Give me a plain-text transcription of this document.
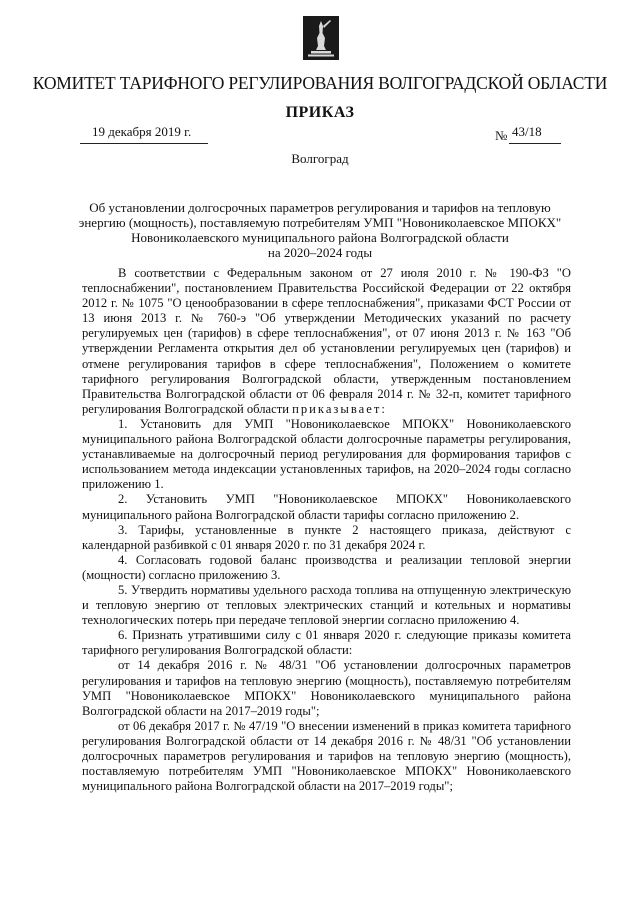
КОМИТЕТ ТАРИФНОГО РЕГУЛИРОВАНИЯ ВОЛГОГРАДСКОЙ ОБЛАСТИ
ПРИКАЗ
19 декабря 2019 г.	№ 43/18
Волгоград
Об установлении долгосрочных параметров регулирования и тарифов на тепловую
энергию (мощность), поставляемую потребителям УМП "Новониколаевское МПОКХ"
Новониколаевского муниципального района Волгоградской области
на 2020–2024 годы

В соответствии с Федеральным законом от 27 июля 2010 г. № 190-ФЗ "О теплоснабжении", постановлением Правительства Российской Федерации от 22 октября 2012 г. № 1075 "О ценообразовании в сфере теплоснабжения", приказами ФСТ России от 13 июня 2013 г. № 760-э "Об утверждении Методических указаний по расчету регулируемых цен (тарифов) в сфере теплоснабжения", от 07 июня 2013 г. № 163 "Об утверждении Регламента открытия дел об установлении регулируемых цен (тарифов) и отмене регулирования тарифов в сфере теплоснабжения", Положением о комитете тарифного регулирования Волгоградской области, утвержденным постановлением Правительства Волгоградской области от 06 февраля 2014 г. № 32-п, комитет тарифного регулирования Волгоградской области приказывает:

1. Установить для УМП "Новониколаевское МПОКХ" Новониколаевского муниципального района Волгоградской области долгосрочные параметры регулирования, устанавливаемые на долгосрочный период регулирования для формирования тарифов с использованием метода индексации установленных тарифов, на 2020–2024 годы согласно приложению 1.

2. Установить УМП "Новониколаевское МПОКХ" Новониколаевского муниципального района Волгоградской области тарифы согласно приложению 2.

3. Тарифы, установленные в пункте 2 настоящего приказа, действуют с календарной разбивкой с 01 января 2020 г. по 31 декабря 2024 г.

4. Согласовать годовой баланс производства и реализации тепловой энергии (мощности) согласно приложению 3.

5. Утвердить нормативы удельного расхода топлива на отпущенную электрическую и тепловую энергию от тепловых электрических станций и котельных и нормативы технологических потерь при передаче тепловой энергии согласно приложению 4.

6. Признать утратившими силу с 01 января 2020 г. следующие приказы комитета тарифного регулирования Волгоградской области:

от 14 декабря 2016 г. № 48/31 "Об установлении долгосрочных параметров регулирования и тарифов на тепловую энергию (мощность), поставляемую потребителям УМП "Новониколаевское МПОКХ" Новониколаевского муниципального района Волгоградской области на 2017–2019 годы";

от 06 декабря 2017 г. № 47/19 "О внесении изменений в приказ комитета тарифного регулирования Волгоградской области от 14 декабря 2016 г. № 48/31 "Об установлении долгосрочных параметров регулирования и тарифов на тепловую энергию (мощность), поставляемую потребителям УМП "Новониколаевское МПОКХ" Новониколаевского муниципального района Волгоградской области на 2017–2019 годы";
